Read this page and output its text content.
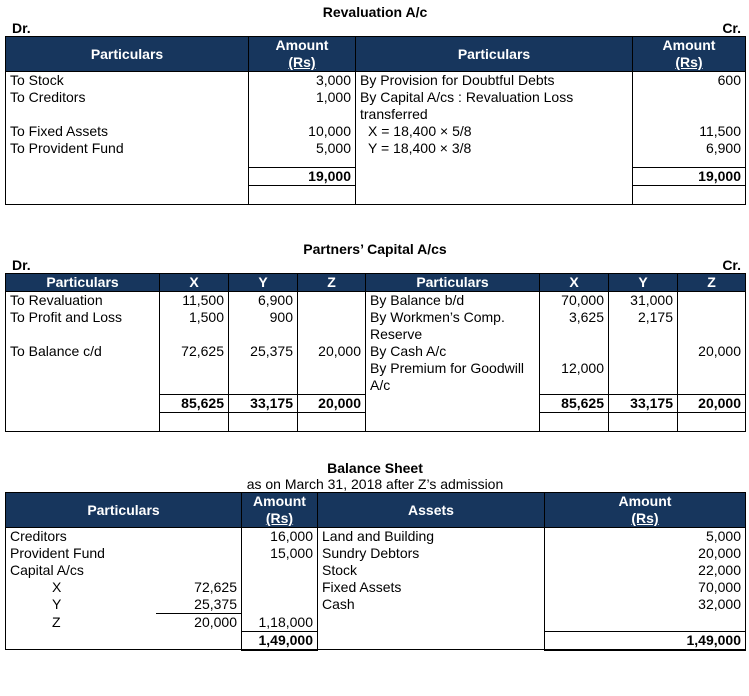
Revaluation A/c
Dr.	Cr.
Particulars	Amount
(Rs)	Particulars	Amount
(Rs)
To Stock	3,000	By Provision for Doubtful Debts	600
To Creditors	1,000	By Capital A/cs : Revaluation Loss transferred	
To Fixed Assets	10,000	X = 18,400 × 5/8	11,500
To Provident Fund	5,000	Y = 18,400 × 3/8	6,900

	19,000		19,000

Partners’ Capital A/cs
Dr.	Cr.
Particulars	X	Y	Z	Particulars	X	Y	Z
To Revaluation	11,500	6,900		By Balance b/d	70,000	31,000	
To Profit and Loss	1,500	900		By Workmen’s Comp. Reserve	3,625	2,175	
To Balance c/d	72,625	25,375	20,000	By Cash A/c			20,000
				By Premium for Goodwill A/c	12,000		
	85,625	33,175	20,000		85,625	33,175	20,000

Balance Sheet
as on March 31, 2018 after Z’s admission
Particulars		Amount
(Rs)	Assets	Amount
(Rs)
Creditors		16,000	Land and Building	5,000
Provident Fund		15,000	Sundry Debtors	20,000
Capital A/cs			Stock	22,000
X	72,625		Fixed Assets	70,000
Y	25,375		Cash	32,000
Z	20,000	1,18,000		
		1,49,000		1,49,000
